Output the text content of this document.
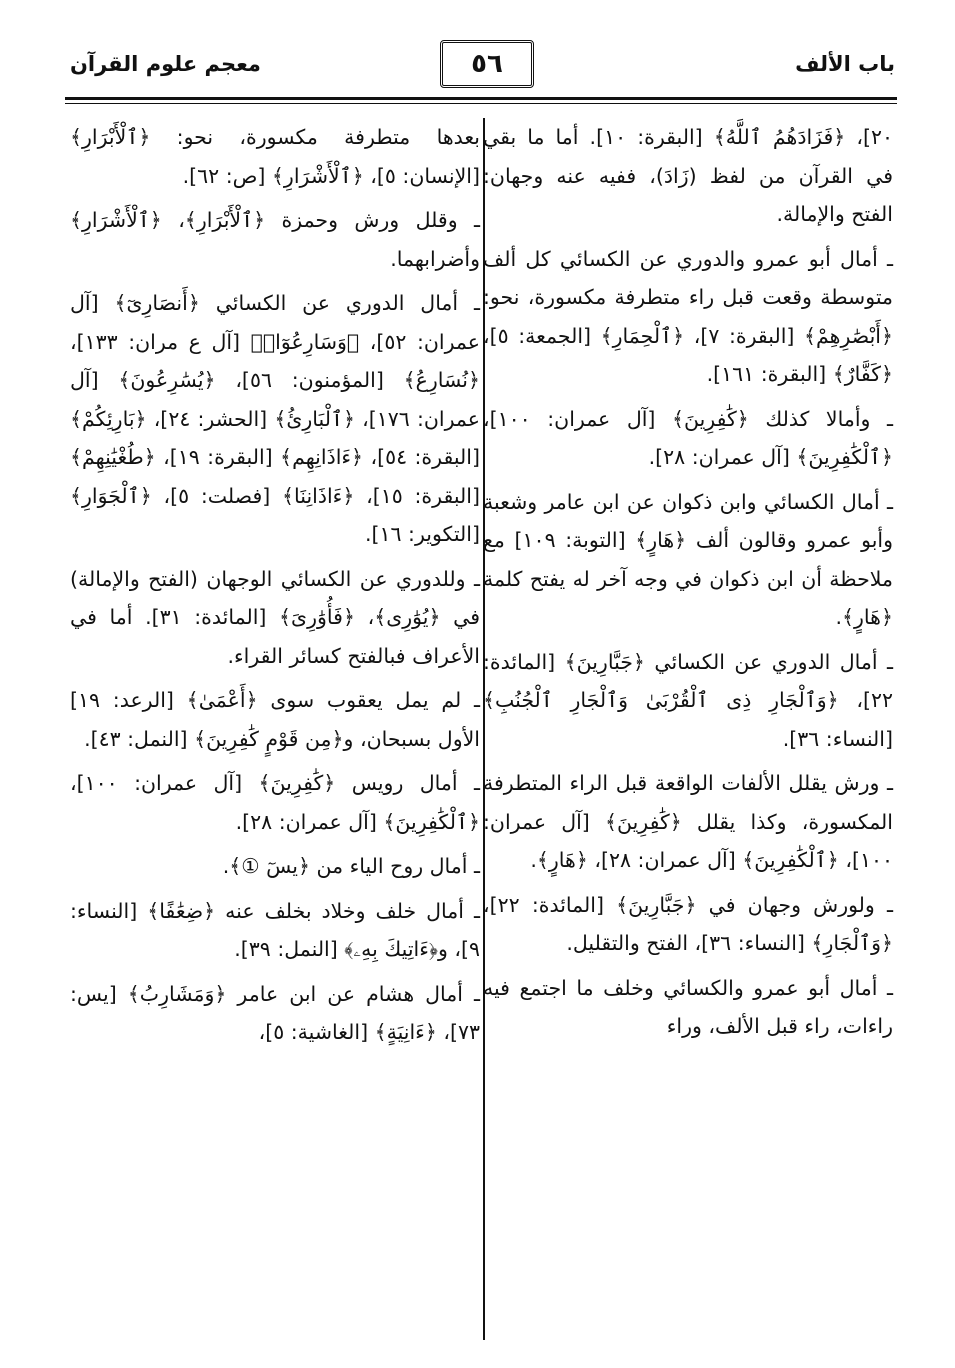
باب الألف
٥٦
معجم علوم القرآن

٢٠]، ﴿فَزَادَهُمُ ٱللَّهُ﴾ [البقرة: ١٠]. أما ما بقي في القرآن من لفظ (زَادَ)، ففيه عنه وجهان: الفتح والإمالة.

ـ أمال أبو عمرو والدوري عن الكسائي كل ألف متوسطة وقعت قبل راء متطرفة مكسورة، نحو: ﴿أَبْصَٰرِهِمْ﴾ [البقرة: ٧]، ﴿ٱلْحِمَارِ﴾ [الجمعة: ٥]، ﴿كَفَّارٌ﴾ [البقرة: ١٦١].

ـ وأمالا كذلك ﴿كَٰفِرِينَ﴾ [آل عمران: ١٠٠]، ﴿ٱلْكَٰفِرِينَ﴾ [آل عمران: ٢٨].

ـ أمال الكسائي وابن ذكوان عن ابن عامر وشعبة وأبو عمرو وقالون ألف ﴿هَارٍ﴾ [التوبة: ١٠٩] مع ملاحظة أن ابن ذكوان في وجه آخر له يفتح كلمة ﴿هَارٍ﴾.

ـ أمال الدوري عن الكسائي ﴿جَبَّارِينَ﴾ [المائدة: ٢٢]، ﴿وَٱلْجَارِ ذِى ٱلْقُرْبَىٰ وَٱلْجَارِ ٱلْجُنُبِ﴾ [النساء: ٣٦].

ـ ورش يقلل الألفات الواقعة قبل الراء المتطرفة المكسورة، وكذا يقلل ﴿كَٰفِرِينَ﴾ [آل عمران: ١٠٠]، ﴿ٱلْكَٰفِرِينَ﴾ [آل عمران: ٢٨]، ﴿هَارٍ﴾.

ـ ولورش وجهان في ﴿جَبَّارِينَ﴾ [المائدة: ٢٢]، ﴿وَٱلْجَارِ﴾ [النساء: ٣٦]، الفتح والتقليل.

ـ أمال أبو عمرو والكسائي وخلف ما اجتمع فيه راءات، راء قبل الألف، وراء

بعدها متطرفة مكسورة، نحو: ﴿ٱلْأَبْرَارِ﴾ [الإنسان: ٥]، ﴿ٱلْأَشْرَارِ﴾ [ص: ٦٢].

ـ وقلل ورش وحمزة ﴿ٱلْأَبْرَارِ﴾، ﴿ٱلْأَشْرَارِ﴾ وأضرابهما.

ـ أمال الدوري عن الكسائي ﴿أَنصَارِىٓ﴾ [آل عمران: ٥٢]، ﴿وَسَارِعُوٓا۟﴾ [آل ع مران: ١٣٣]، ﴿نُسَارِعُ﴾ [المؤمنون: ٥٦]، ﴿يُسَٰرِعُونَ﴾ [آل عمران: ١٧٦]، ﴿ٱلْبَارِئُ﴾ [الحشر: ٢٤]، ﴿بَارِئِكُمْ﴾ [البقرة: ٥٤]، ﴿ءَاذَانِهِم﴾ [البقرة: ١٩]، ﴿طُغْيَٰنِهِمْ﴾ [البقرة: ١٥]، ﴿ءَاذَانِنَا﴾ [فصلت: ٥]، ﴿ٱلْجَوَارِ﴾ [التكوير: ١٦].

ـ وللدوري عن الكسائي الوجهان (الفتح والإمالة) في ﴿يُوَٰرِى﴾، ﴿فَأُوَٰرِىَ﴾ [المائدة: ٣١]. أما في الأعراف فبالفتح كسائر القراء.

ـ لم يمل يعقوب سوى ﴿أَعْمَىٰ﴾ [الرعد: ١٩] الأول بسبحان، و﴿مِن قَوْمٍ كَٰفِرِينَ﴾ [النمل: ٤٣].

ـ أمال رويس ﴿كَٰفِرِينَ﴾ [آل عمران: ١٠٠]، ﴿ٱلْكَٰفِرِينَ﴾ [آل عمران: ٢٨].

ـ أمال روح الياء من ﴿يسٓ ①﴾.

ـ أمال خلف وخلاد بخلف عنه ﴿ضِعَٰفًا﴾ [النساء: ٩]، و﴿ءَاتِيكَ بِهِۦ﴾ [النمل: ٣٩].

ـ أمال هشام عن ابن عامر ﴿وَمَشَارِبُ﴾ [يس: ٧٣]، ﴿ءَانِيَةٍ﴾ [الغاشية: ٥]،
